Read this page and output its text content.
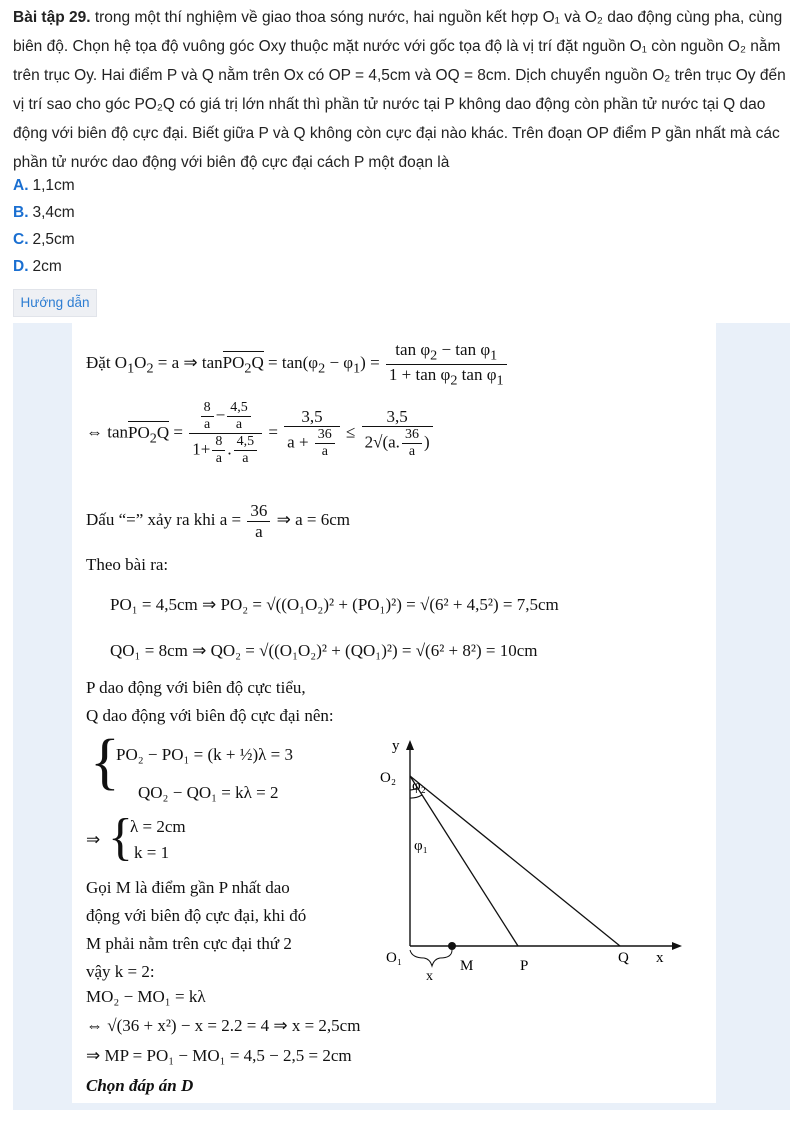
Bài tập 29. trong một thí nghiệm về giao thoa sóng nước, hai nguồn kết hợp O₁ và O₂ dao động cùng pha, cùng biên độ. Chọn hệ tọa độ vuông góc Oxy thuộc mặt nước với gốc tọa độ là vị trí đặt nguồn O₁ còn nguồn O₂ nằm trên trục Oy. Hai điểm P và Q nằm trên Ox có OP = 4,5cm và OQ = 8cm. Dịch chuyển nguồn O₂ trên trục Oy đến vị trí sao cho góc PO₂Q có giá trị lớn nhất thì phần tử nước tại P không dao động còn phần tử nước tại Q dao động với biên độ cực đại. Biết giữa P và Q không còn cực đại nào khác. Trên đoạn OP điểm P gần nhất mà các phần tử nước dao động với biên độ cực đại cách P một đoạn là
A. 1,1cm
B. 3,4cm
C. 2,5cm
D. 2cm
Hướng dẫn
Đặt $O_1O_2 = a$ ⇒ tanPO$_2$Q = $\tan(\varphi_2 - \varphi_1) = \frac{\tan \varphi_2 - \tan \varphi_1}{1 + \tan \varphi_2 \tan \varphi_1}$
⇔ tanPO$_2$Q = $\frac{\frac{8}{a} - \frac{4,5}{a}}{1+ \frac{8}{a} . \frac{4,5}{a}} = \frac{3,5}{a + \frac{36}{a}} \le \frac{3,5}{2√(a. \frac{36}{a} )}$
Dấu “=” xảy ra khi $a = \frac{36}{a}$ ⇒ a = 6cm
Theo bài ra:
PO₁ = 4,5cm ⇒ PO₂ = √((O₁O₂)² + (PO₁)²) = √(6² + 4,5²) = 7,5cm
QO₁ = 8cm ⇒ QO₂ = √((O₁O₂)² + (QO₁)²) = √(6² + 8²) = 10cm
P dao động với biên độ cực tiểu,
Q dao động với biên độ cực đại nên:
{
PO₂ − PO₁ = (k + ½)λ = 3
QO₂ − QO₁ = kλ = 2
⇒ {
λ = 2cm
k = 1
Gọi M là điểm gần P nhất dao
động với biên độ cực đại, khi đó
M phải nằm trên cực đại thứ 2
vậy k = 2:
MO₂ − MO₁ = kλ
⇔ √(36 + x²) − x = 2.2 = 4 ⇒ x = 2,5cm
⇒ MP = PO₁ − MO₁ = 4,5 − 2,5 = 2cm
Chọn đáp án D
y
O₂ φ₂
φ₁
O₁
x
M	P	Q x
